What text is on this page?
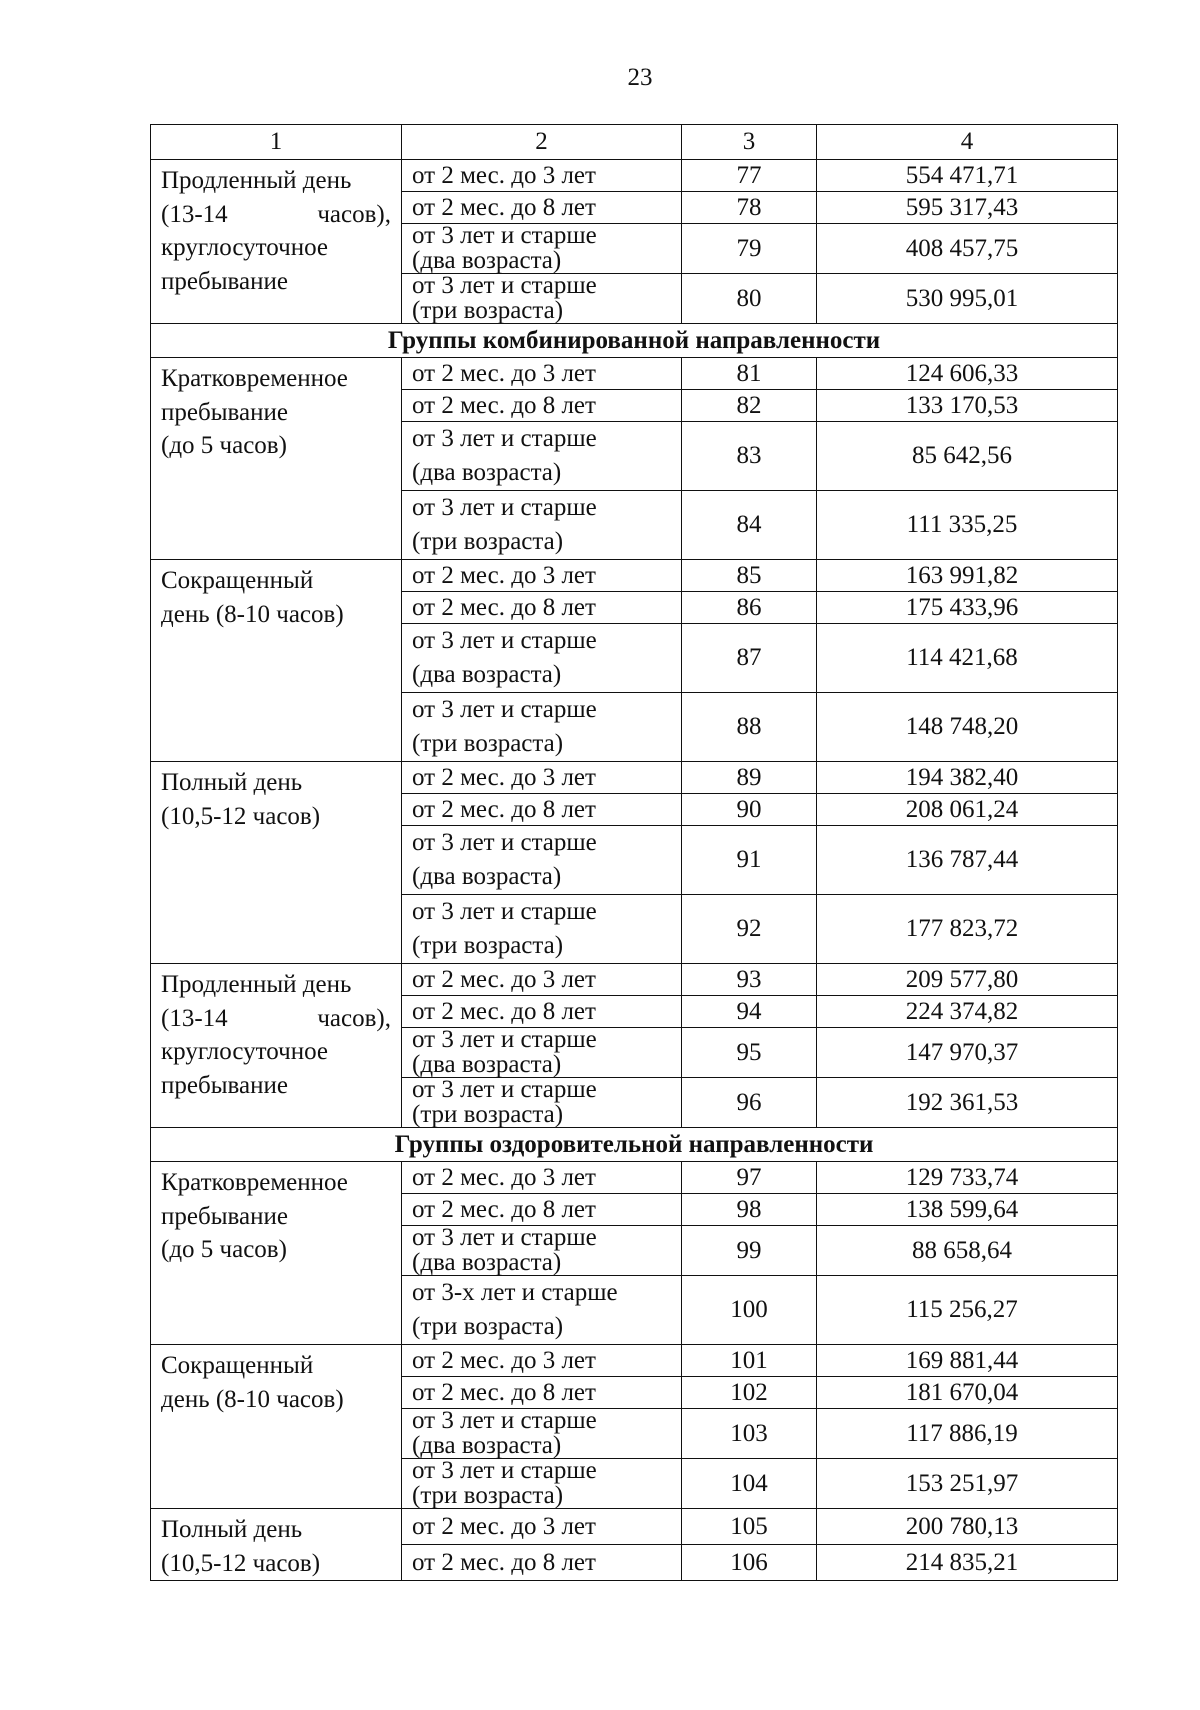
23
1	2	3	4

Продленный день
(13-14 часов),
круглосуточное
пребывание	от 2 мес. до 3 лет	77	554 471,71

	от 2 мес. до 8 лет	78	595 317,43

	от 3 лет и старше
(два возраста)	79	408 457,75

	от 3 лет и старше
(три возраста)	80	530 995,01
Группы комбинированной направленности			

Кратковременное
пребывание
(до 5 часов)	от 2 мес. до 3 лет	81	124 606,33

	от 2 мес. до 8 лет	82	133 170,53

	от 3 лет и старше
(два возраста)	83	85 642,56

	от 3 лет и старше
(три возраста)	84	111 335,25

Сокращенный
день (8-10 часов)	от 2 мес. до 3 лет	85	163 991,82

	от 2 мес. до 8 лет	86	175 433,96

	от 3 лет и старше
(два возраста)	87	114 421,68

	от 3 лет и старше
(три возраста)	88	148 748,20

Полный день
(10,5-12 часов)	от 2 мес. до 3 лет	89	194 382,40

	от 2 мес. до 8 лет	90	208 061,24

	от 3 лет и старше
(два возраста)	91	136 787,44

	от 3 лет и старше
(три возраста)	92	177 823,72

Продленный день
(13-14 часов),
круглосуточное
пребывание	от 2 мес. до 3 лет	93	209 577,80

	от 2 мес. до 8 лет	94	224 374,82

	от 3 лет и старше
(два возраста)	95	147 970,37

	от 3 лет и старше
(три возраста)	96	192 361,53
Группы оздоровительной направленности			

Кратковременное
пребывание
(до 5 часов)	от 2 мес. до 3 лет	97	129 733,74

	от 2 мес. до 8 лет	98	138 599,64

	от 3 лет и старше
(два возраста)	99	88 658,64

	от 3-х лет и старше
(три возраста)	100	115 256,27

Сокращенный
день (8-10 часов)	от 2 мес. до 3 лет	101	169 881,44

	от 2 мес. до 8 лет	102	181 670,04

	от 3 лет и старше
(два возраста)	103	117 886,19

	от 3 лет и старше
(три возраста)	104	153 251,97

Полный день
(10,5-12 часов)	от 2 мес. до 3 лет	105	200 780,13

	от 2 мес. до 8 лет	106	214 835,21
